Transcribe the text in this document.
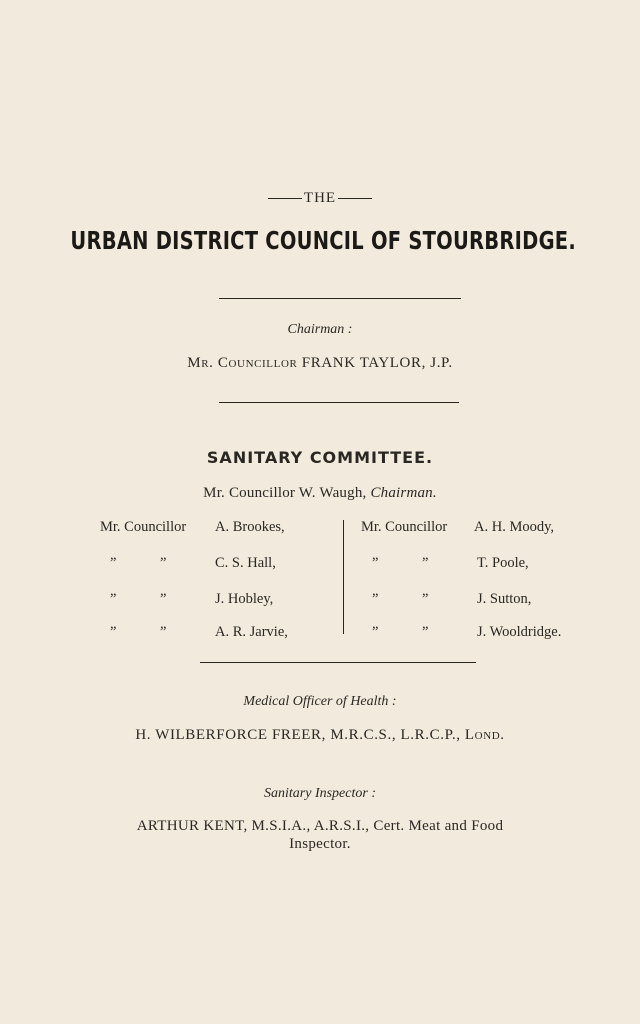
THE
URBAN DISTRICT COUNCIL OF STOURBRIDGE.
Chairman :
Mr. Councillor FRANK TAYLOR, J.P.
SANITARY COMMITTEE.
Mr. Councillor W. Waugh, Chairman.
Mr. Councillor A. Brookes,
”	”	C. S. Hall,
”	”	J. Hobley,
”	”	A. R. Jarvie,
Mr. Councillor A. H. Moody,
”	”	T. Poole,
”	”	J. Sutton,
”	”	J. Wooldridge.
Medical Officer of Health :
H. WILBERFORCE FREER, M.R.C.S., L.R.C.P., Lond.
Sanitary Inspector :
ARTHUR KENT, M.S.I.A., A.R.S.I., Cert. Meat and Food
Inspector.
